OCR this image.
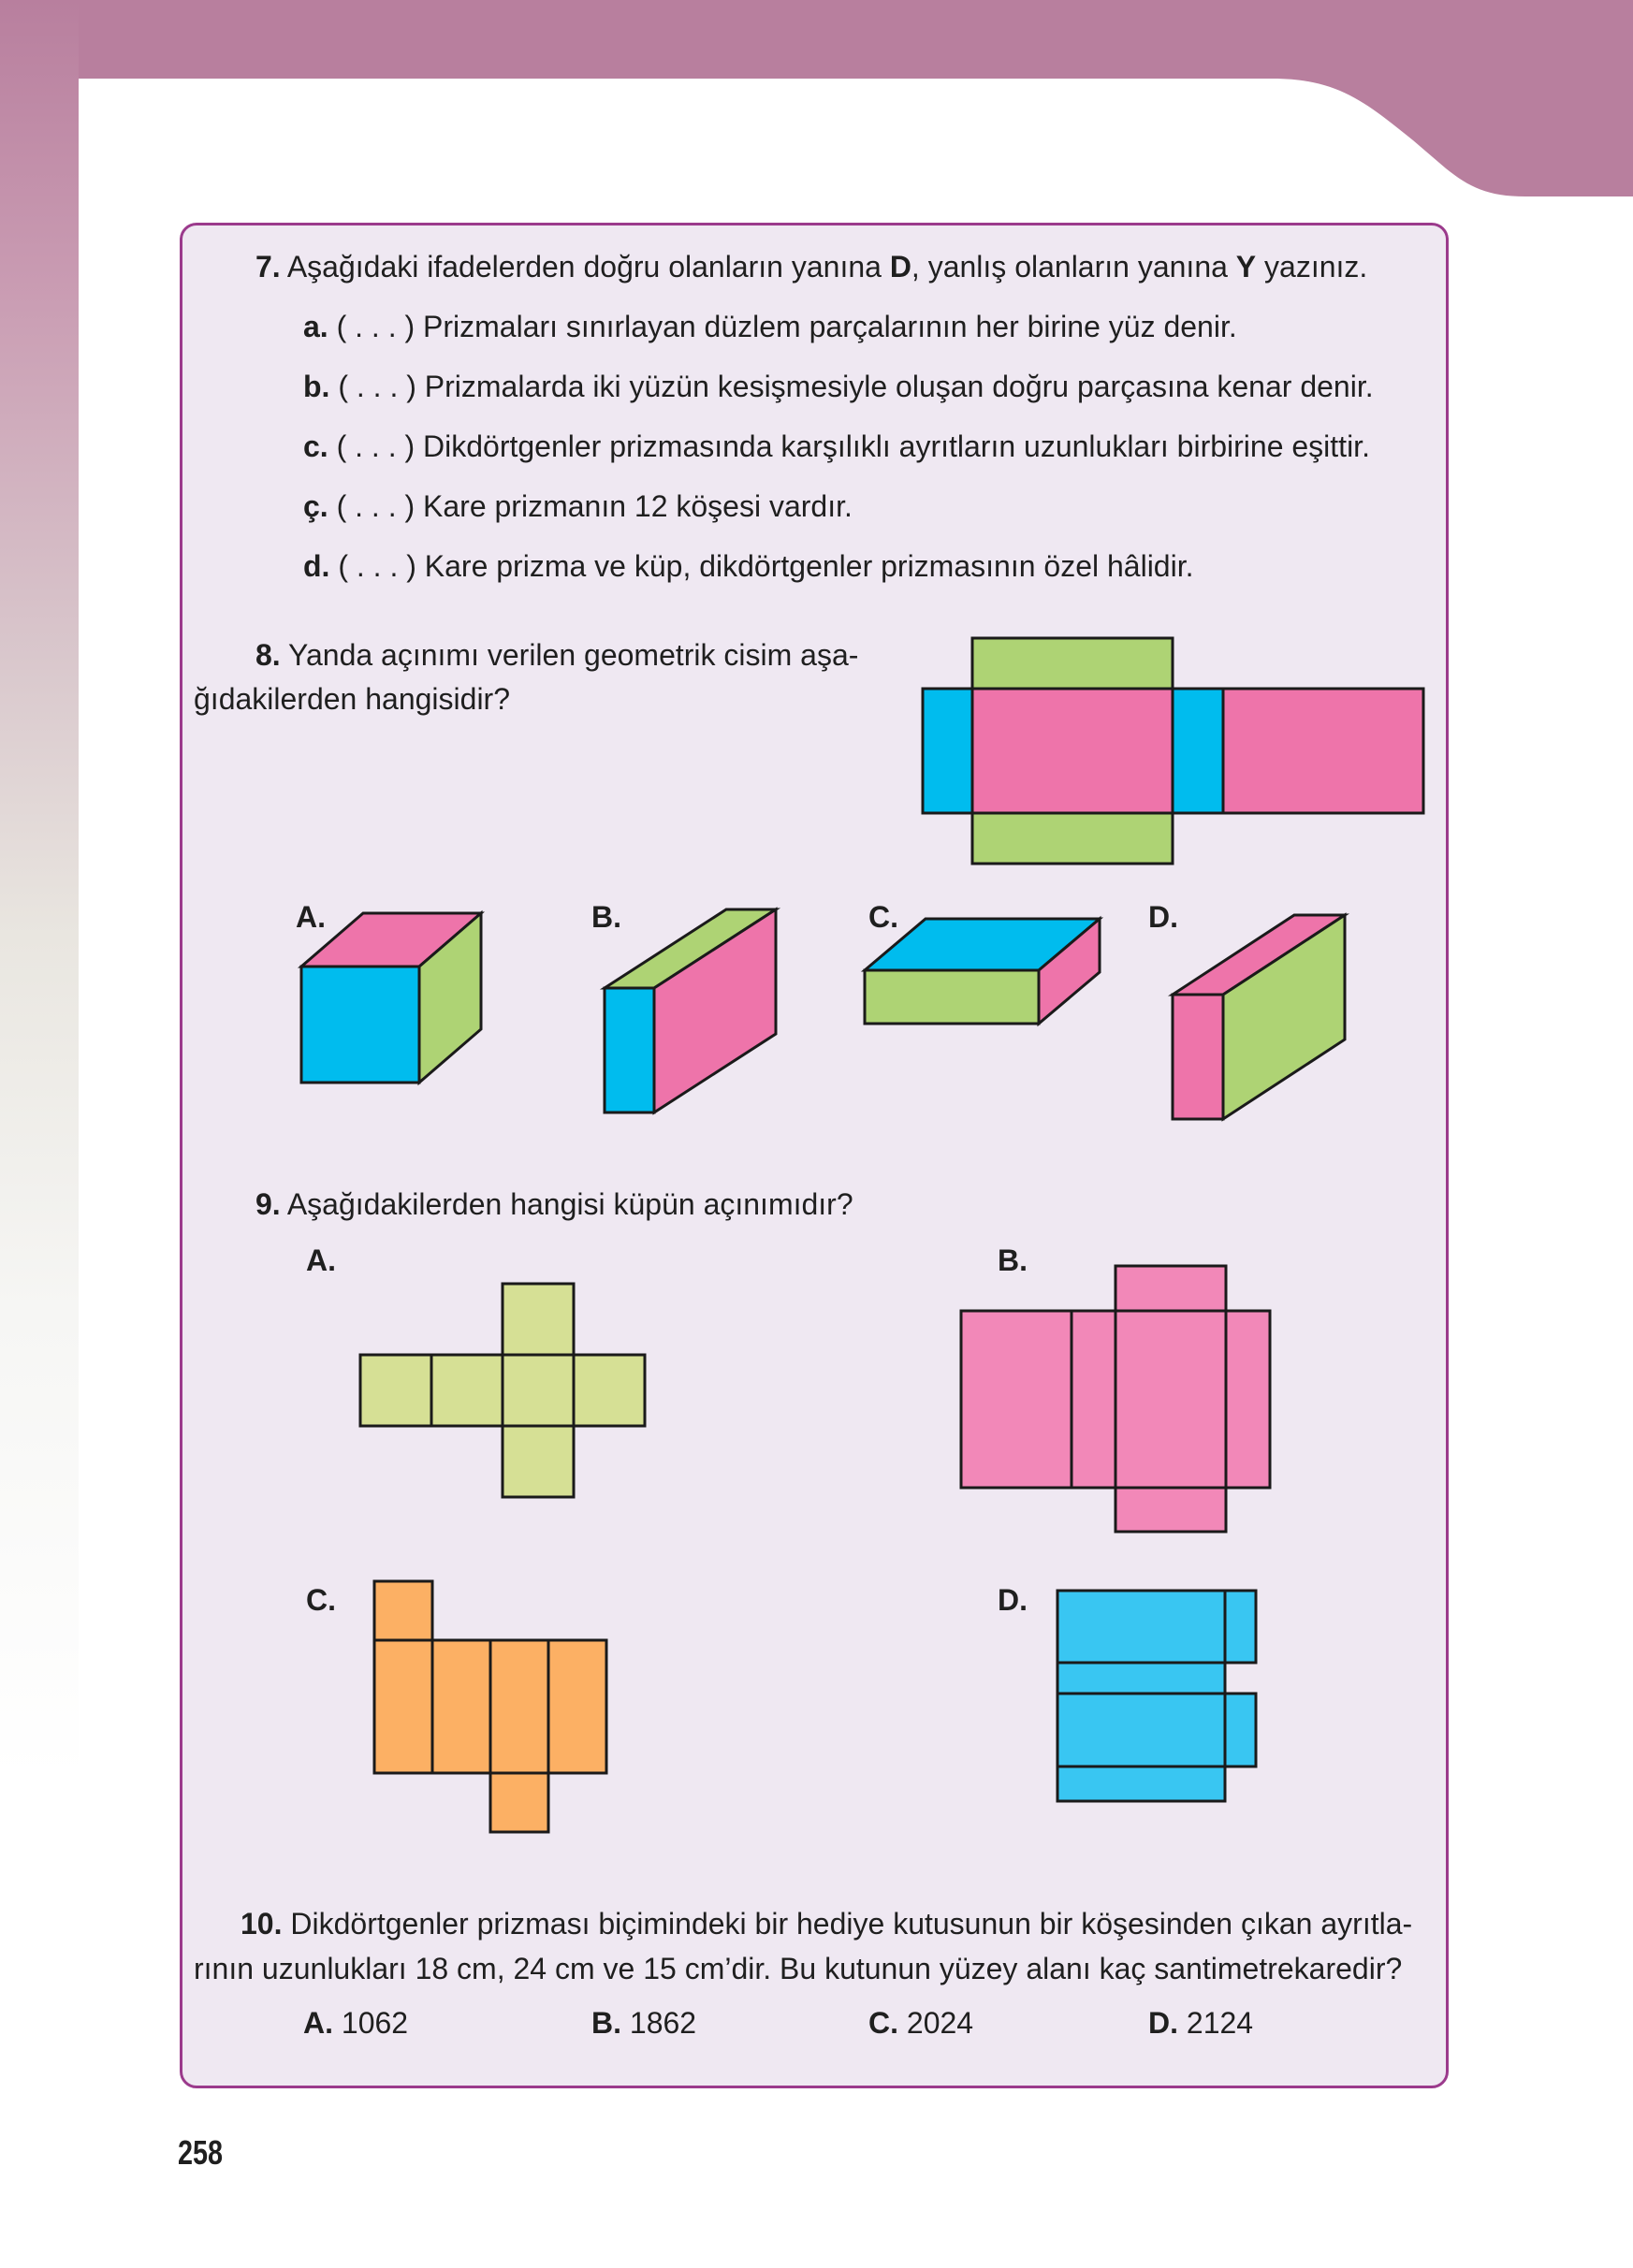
7. Aşağıdaki ifadelerden doğru olanların yanına D, yanlış olanların yanına Y yazınız.
a. ( . . . ) Prizmaları sınırlayan düzlem parçalarının her birine yüz denir.
b. ( . . . ) Prizmalarda iki yüzün kesişmesiyle oluşan doğru parçasına kenar denir.
c. ( . . . ) Dikdörtgenler prizmasında karşılıklı ayrıtların uzunlukları birbirine eşittir.
ç. ( . . . ) Kare prizmanın 12 köşesi vardır.
d. ( . . . ) Kare prizma ve küp, dikdörtgenler prizmasının özel hâlidir.
8. Yanda açınımı verilen geometrik cisim aşa-
ğıdakilerden hangisidir?
A.	B.	C.	D.
9. Aşağıdakilerden hangisi küpün açınımıdır?
A.	B.
C.	D.
10. Dikdörtgenler prizması biçimindeki bir hediye kutusunun bir köşesinden çıkan ayrıtla-
rının uzunlukları 18 cm, 24 cm ve 15 cm’dir. Bu kutunun yüzey alanı kaç santimetrekaredir?
A. 1062	B. 1862	C. 2024	D. 2124
258
